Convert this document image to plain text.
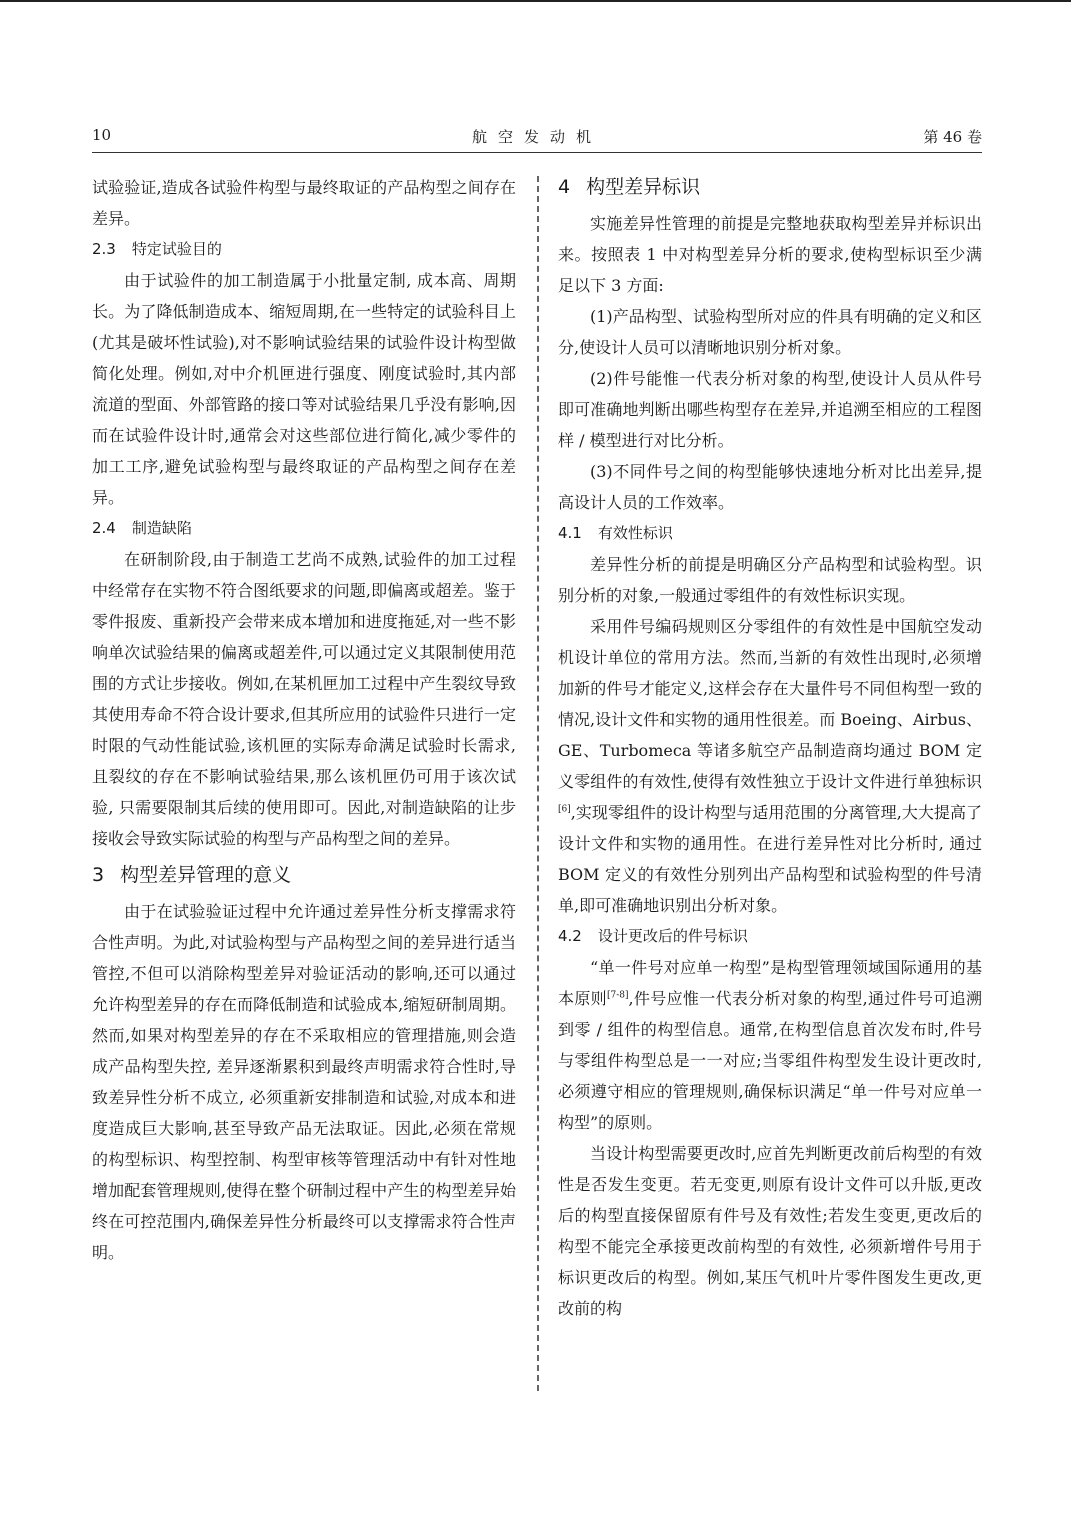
10	航空发动机	第 46 卷

试验验证,造成各试验件构型与最终取证的产品构型之间存在差异。

2.3 特定试验目的

由于试验件的加工制造属于小批量定制, 成本高、周期长。为了降低制造成本、缩短周期,在一些特定的试验科目上(尤其是破坏性试验),对不影响试验结果的试验件设计构型做简化处理。例如,对中介机匣进行强度、刚度试验时,其内部流道的型面、外部管路的接口等对试验结果几乎没有影响,因而在试验件设计时,通常会对这些部位进行简化,减少零件的加工工序,避免试验构型与最终取证的产品构型之间存在差异。

2.4 制造缺陷

在研制阶段,由于制造工艺尚不成熟,试验件的加工过程中经常存在实物不符合图纸要求的问题,即偏离或超差。鉴于零件报废、重新投产会带来成本增加和进度拖延,对一些不影响单次试验结果的偏离或超差件,可以通过定义其限制使用范围的方式让步接收。例如,在某机匣加工过程中产生裂纹导致其使用寿命不符合设计要求,但其所应用的试验件只进行一定时限的气动性能试验,该机匣的实际寿命满足试验时长需求,且裂纹的存在不影响试验结果,那么该机匣仍可用于该次试验, 只需要限制其后续的使用即可。因此,对制造缺陷的让步接收会导致实际试验的构型与产品构型之间的差异。

3 构型差异管理的意义

由于在试验验证过程中允许通过差异性分析支撑需求符合性声明。为此,对试验构型与产品构型之间的差异进行适当管控,不但可以消除构型差异对验证活动的影响,还可以通过允许构型差异的存在而降低制造和试验成本,缩短研制周期。然而,如果对构型差异的存在不采取相应的管理措施,则会造成产品构型失控, 差异逐渐累积到最终声明需求符合性时,导致差异性分析不成立, 必须重新安排制造和试验,对成本和进度造成巨大影响,甚至导致产品无法取证。因此,必须在常规的构型标识、构型控制、构型审核等管理活动中有针对性地增加配套管理规则,使得在整个研制过程中产生的构型差异始终在可控范围内,确保差异性分析最终可以支撑需求符合性声明。

4 构型差异标识

实施差异性管理的前提是完整地获取构型差异并标识出来。按照表 1 中对构型差异分析的要求,使构型标识至少满足以下 3 方面:

(1)产品构型、试验构型所对应的件具有明确的定义和区分,使设计人员可以清晰地识别分析对象。

(2)件号能惟一代表分析对象的构型,使设计人员从件号即可准确地判断出哪些构型存在差异,并追溯至相应的工程图样 / 模型进行对比分析。

(3)不同件号之间的构型能够快速地分析对比出差异,提高设计人员的工作效率。

4.1 有效性标识

差异性分析的前提是明确区分产品构型和试验构型。识别分析的对象,一般通过零组件的有效性标识实现。

采用件号编码规则区分零组件的有效性是中国航空发动机设计单位的常用方法。然而,当新的有效性出现时,必须增加新的件号才能定义,这样会存在大量件号不同但构型一致的情况,设计文件和实物的通用性很差。而 Boeing、Airbus、GE、Turbomeca 等诸多航空产品制造商均通过 BOM 定义零组件的有效性,使得有效性独立于设计文件进行单独标识[6],实现零组件的设计构型与适用范围的分离管理,大大提高了设计文件和实物的通用性。在进行差异性对比分析时, 通过 BOM 定义的有效性分别列出产品构型和试验构型的件号清单,即可准确地识别出分析对象。

4.2 设计更改后的件号标识

“单一件号对应单一构型”是构型管理领域国际通用的基本原则[7-8],件号应惟一代表分析对象的构型,通过件号可追溯到零 / 组件的构型信息。通常,在构型信息首次发布时,件号与零组件构型总是一一对应;当零组件构型发生设计更改时,必须遵守相应的管理规则,确保标识满足“单一件号对应单一构型”的原则。

当设计构型需要更改时,应首先判断更改前后构型的有效性是否发生变更。若无变更,则原有设计文件可以升版,更改后的构型直接保留原有件号及有效性;若发生变更,更改后的构型不能完全承接更改前构型的有效性, 必须新增件号用于标识更改后的构型。例如,某压气机叶片零件图发生更改,更改前的构
